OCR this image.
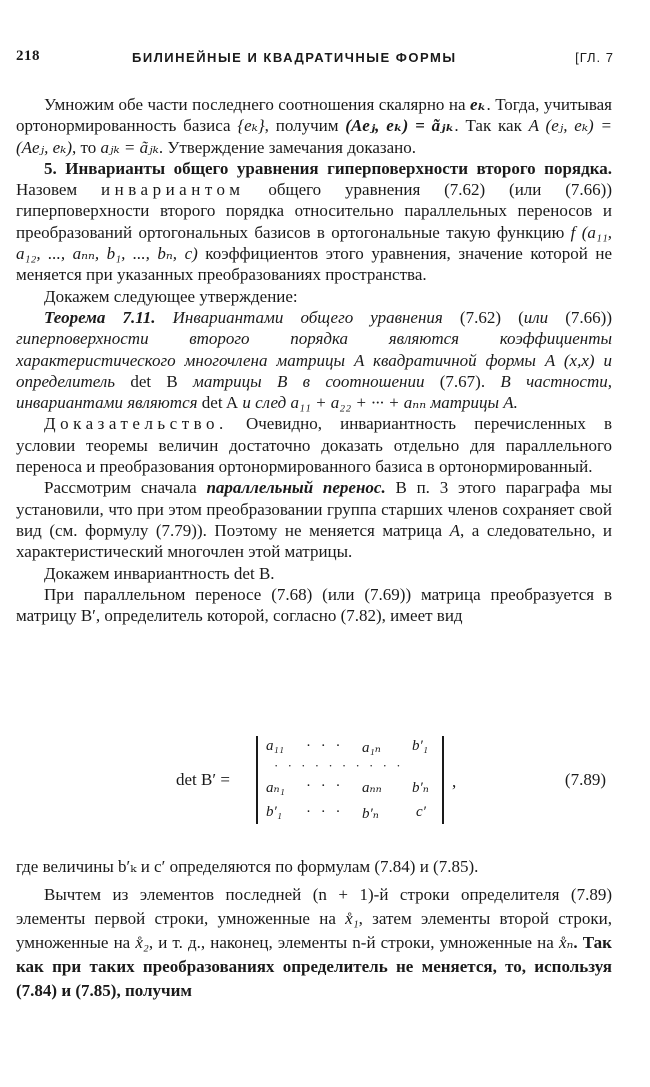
218	БИЛИНЕЙНЫЕ И КВАДРАТИЧНЫЕ ФОРМЫ	[ГЛ. 7

Умножим обе части последнего соотношения скалярно на eₖ. Тогда, учитывая ортонормированность базиса {eₖ}, получим (Aeⱼ, eₖ) = ãⱼₖ. Так как A (eⱼ, eₖ) = (Aeⱼ, eₖ), то aⱼₖ = ãⱼₖ. Утверждение замечания доказано.

5. Инварианты общего уравнения гиперповерхности второго порядка. Назовем инвариантом общего уравнения (7.62) (или (7.66)) гиперповерхности второго порядка относительно параллельных переносов и преобразований ортогональных базисов в ортогональные такую функцию f (a₁₁, a₁₂, ..., aₙₙ, b₁, ..., bₙ, c) коэффициентов этого уравнения, значение которой не меняется при указанных преобразованиях пространства.

Докажем следующее утверждение:

Теорема 7.11. Инвариантами общего уравнения (7.62) (или (7.66)) гиперповерхности второго порядка являются коэффициенты характеристического многочлена матрицы A квадратичной формы A (x,x) и определитель det B матрицы B в соотношении (7.67). В частности, инвариантами являются det A и след a₁₁ + a₂₂ + ··· + aₙₙ матрицы A.

Доказательство. Очевидно, инвариантность перечисленных в условии теоремы величин достаточно доказать отдельно для параллельного переноса и преобразования ортонормированного базиса в ортонормированный.

Рассмотрим сначала параллельный перенос. В п. 3 этого параграфа мы установили, что при этом преобразовании группа старших членов сохраняет свой вид (см. формулу (7.79)). Поэтому не меняется матрица A, а следовательно, и характеристический многочлен этой матрицы.

Докажем инвариантность det B.

При параллельном переносе (7.68) (или (7.69)) матрица преобразуется в матрицу B′, определитель которой, согласно (7.82), имеет вид

det B′ =
a₁₁ · · · a₁ₙ b′₁
· · · · · · · · · ·
aₙ₁ · · · aₙₙ b′ₙ
b′₁ · · · b′ₙ c′
,	(7.89)

где величины b′ₖ и c′ определяются по формулам (7.84) и (7.85).

Вычтем из элементов последней (n + 1)-й строки определителя (7.89) элементы первой строки, умноженные на x̊₁, затем элементы второй строки, умноженные на x̊₂, и т. д., наконец, элементы n-й строки, умноженные на x̊ₙ. Так как при таких преобразованиях определитель не меняется, то, используя (7.84) и (7.85), получим
